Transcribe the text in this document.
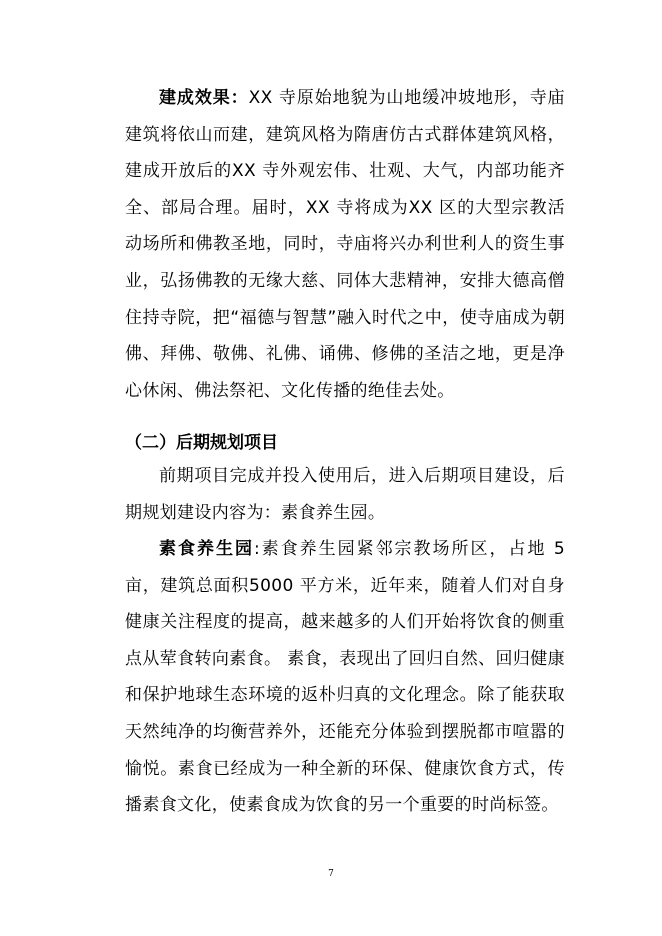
建成效果：XX 寺原始地貌为山地缓冲坡地形，寺庙建筑将依山而建，建筑风格为隋唐仿古式群体建筑风格，建成开放后的XX 寺外观宏伟、壮观、大气，内部功能齐全、部局合理。届时，XX 寺将成为XX 区的大型宗教活动场所和佛教圣地，同时，寺庙将兴办利世利人的资生事业，弘扬佛教的无缘大慈、同体大悲精神，安排大德高僧住持寺院，把“福德与智慧”融入时代之中，使寺庙成为朝佛、拜佛、敬佛、礼佛、诵佛、修佛的圣洁之地，更是净心休闲、佛法祭祀、文化传播的绝佳去处。

（二）后期规划项目

前期项目完成并投入使用后，进入后期项目建设，后期规划建设内容为：素食养生园。

素食养生园:素食养生园紧邻宗教场所区，占地 5 亩，建筑总面积5000 平方米，近年来，随着人们对自身健康关注程度的提高，越来越多的人们开始将饮食的侧重点从荤食转向素食。 素食，表现出了回归自然、回归健康和保护地球生态环境的返朴归真的文化理念。除了能获取天然纯净的均衡营养外，还能充分体验到摆脱都市喧嚣的愉悦。素食已经成为一种全新的环保、健康饮食方式，传播素食文化，使素食成为饮食的另一个重要的时尚标签。

7
